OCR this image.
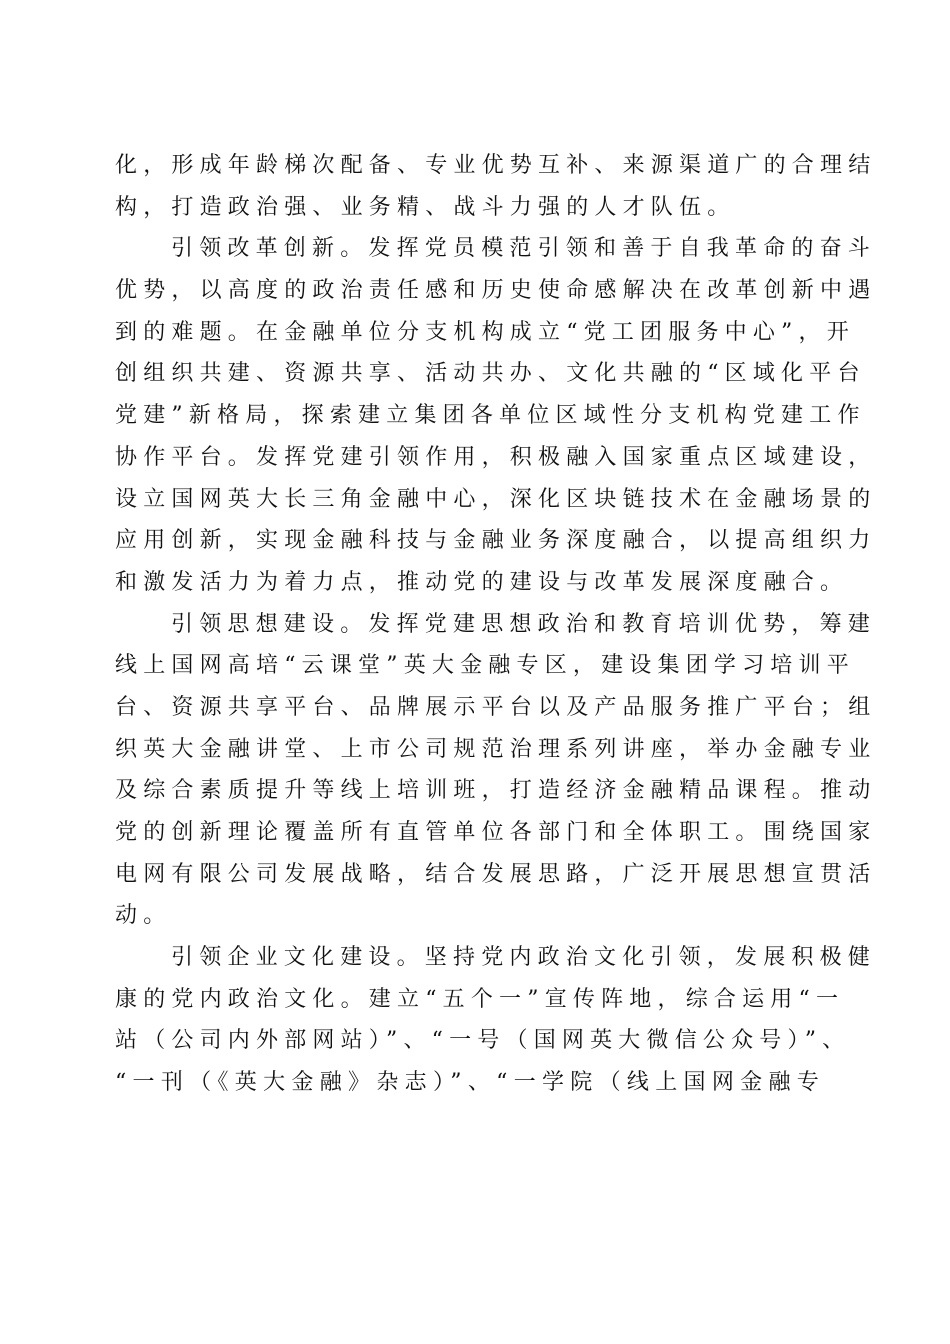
化，形成年龄梯次配备、专业优势互补、来源渠道广的合理结
构，打造政治强、业务精、战斗力强的人才队伍。
引领改革创新。发挥党员模范引领和善于自我革命的奋斗
优势，以高度的政治责任感和历史使命感解决在改革创新中遇
到的难题。在金融单位分支机构成立“党工团服务中心”，开
创组织共建、资源共享、活动共办、文化共融的“区域化平台
党建”新格局，探索建立集团各单位区域性分支机构党建工作
协作平台。发挥党建引领作用，积极融入国家重点区域建设，
设立国网英大长三角金融中心，深化区块链技术在金融场景的
应用创新，实现金融科技与金融业务深度融合，以提高组织力
和激发活力为着力点，推动党的建设与改革发展深度融合。
引领思想建设。发挥党建思想政治和教育培训优势，筹建
线上国网高培“云课堂”英大金融专区，建设集团学习培训平
台、资源共享平台、品牌展示平台以及产品服务推广平台；组
织英大金融讲堂、上市公司规范治理系列讲座，举办金融专业
及综合素质提升等线上培训班，打造经济金融精品课程。推动
党的创新理论覆盖所有直管单位各部门和全体职工。围绕国家
电网有限公司发展战略，结合发展思路，广泛开展思想宣贯活
动。
引领企业文化建设。坚持党内政治文化引领，发展积极健
康的党内政治文化。建立“五个一”宣传阵地，综合运用“一
站（公司内外部网站）”、“一号（国网英大微信公众号）”、
“一刊（《英大金融》杂志）”、“一学院（线上国网金融专
